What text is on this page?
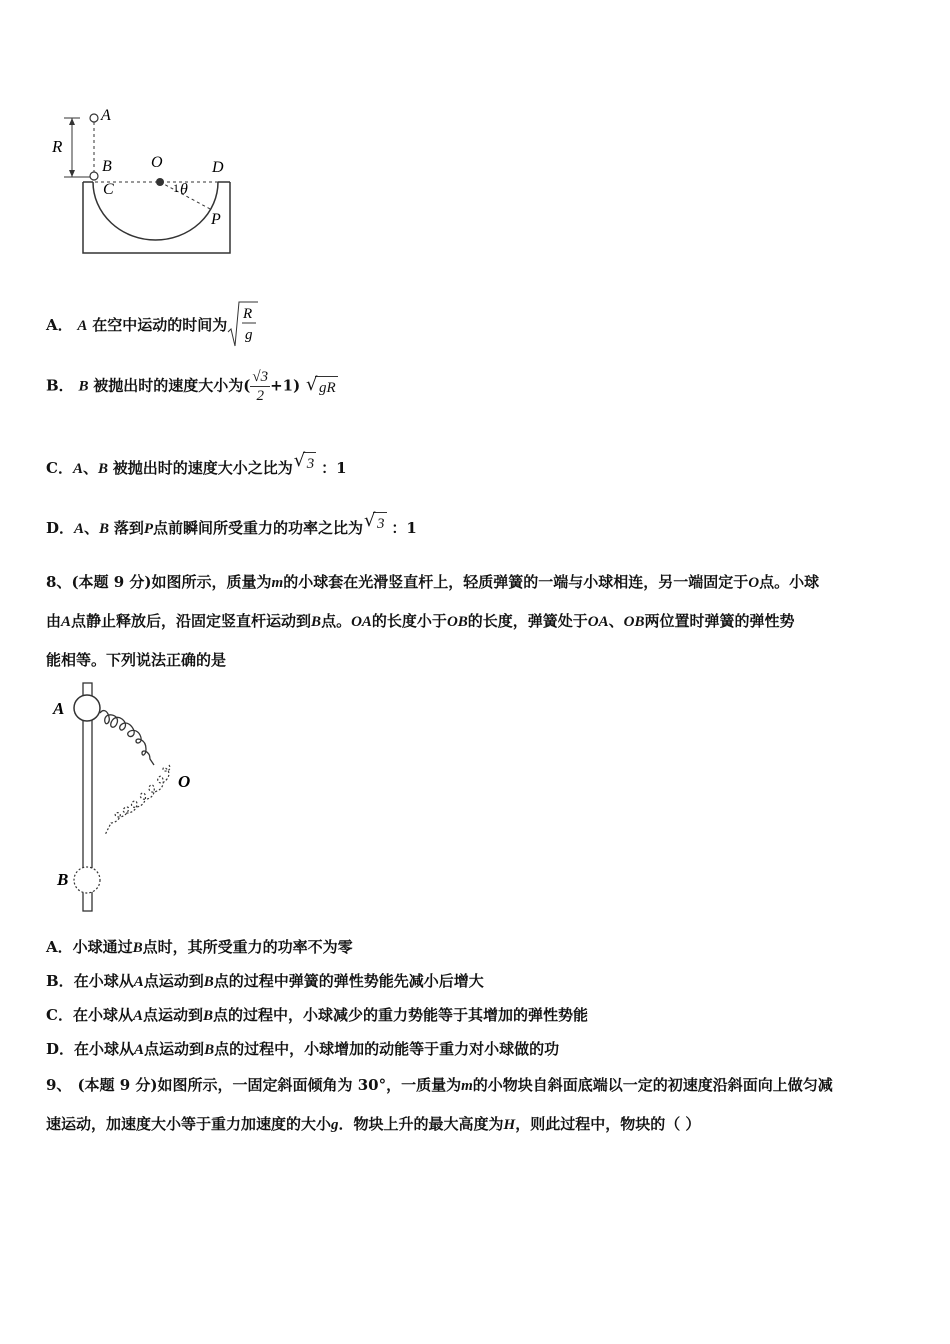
A
R
B
C
O	D
1 θ
P
A． A 在空中运动的时间为
R
g
B． B 被抛出时的速度大小为( $\frac{√3}{2} +1$) √ gR
C．A、B 被抛出时的速度大小之比为 √ 3 ：1
D．A、B 落到P点前瞬间所受重力的功率之比为 √ 3 ：1
8、(本题 9 分)如图所示，质量为m的小球套在光滑竖直杆上，轻质弹簧的一端与小球相连，另一端固定于O点。小球
由A点静止释放后，沿固定竖直杆运动到B点。OA的长度小于OB的长度，弹簧处于OA、OB两位置时弹簧的弹性势
能相等。下列说法正确的是
A
O
B
A．小球通过B点时，其所受重力的功率不为零
B．在小球从A点运动到B点的过程中弹簧的弹性势能先减小后增大
C．在小球从A点运动到B点的过程中，小球减少的重力势能等于其增加的弹性势能
D．在小球从A点运动到B点的过程中，小球增加的动能等于重力对小球做的功
9、 (本题 9 分)如图所示，一固定斜面倾角为 30°，一质量为m的小物块自斜面底端以一定的初速度沿斜面向上做匀减
速运动，加速度大小等于重力加速度的大小g．物块上升的最大高度为H，则此过程中，物块的（ ）
